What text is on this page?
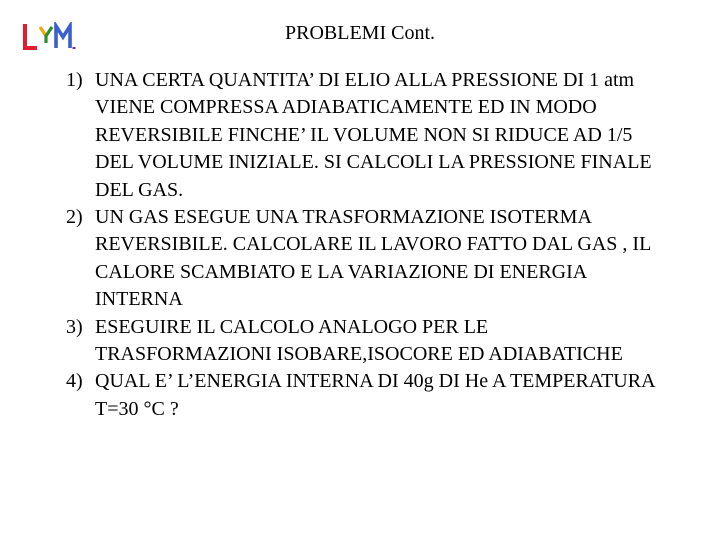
PROBLEMI Cont.
1) UNA CERTA QUANTITA’ DI ELIO ALLA PRESSIONE DI 1 atm VIENE COMPRESSA ADIABATICAMENTE ED IN MODO REVERSIBILE FINCHE’ IL VOLUME NON SI RIDUCE AD 1/5 DEL VOLUME INIZIALE. SI CALCOLI LA PRESSIONE FINALE DEL GAS.
2) UN GAS ESEGUE UNA TRASFORMAZIONE ISOTERMA REVERSIBILE. CALCOLARE IL LAVORO FATTO DAL GAS , IL CALORE SCAMBIATO E LA VARIAZIONE DI ENERGIA INTERNA
3) ESEGUIRE IL CALCOLO ANALOGO PER LE TRASFORMAZIONI ISOBARE,ISOCORE ED ADIABATICHE
4) QUAL E’ L’ENERGIA INTERNA DI 40g DI He A TEMPERATURA T=30 °C ?
